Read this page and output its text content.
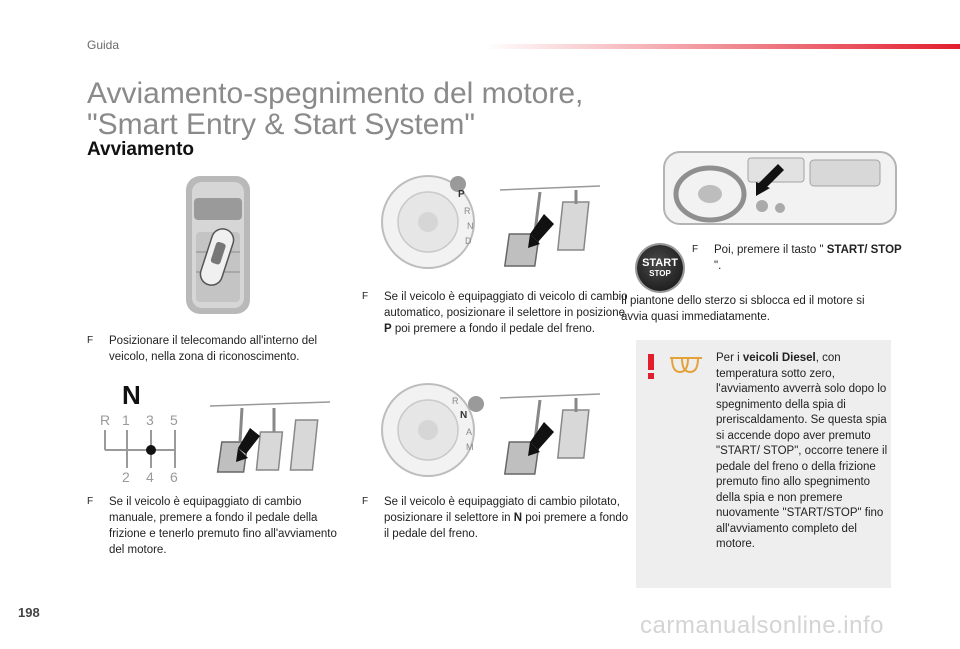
Guida
Avviamento-spegnimento del motore,
"Smart Entry & Start System"
Avviamento
P
R
N
D
START
STOP
F Poi, premere il tasto " START/ STOP ".
Il piantone dello sterzo si sblocca ed il motore si avvia quasi immediatamente.
F Se il veicolo è equipaggiato di veicolo di cambio automatico, posizionare il selettore in posizione P poi premere a fondo il pedale del freno.
F Posizionare il telecomando all'interno del veicolo, nella zona di riconoscimento.	Per i veicoli Diesel, con temperatura sotto zero, l'avviamento avverrà solo dopo lo spegnimento della spia di preriscaldamento. Se questa spia si accende dopo aver premuto "START/ STOP", occorre tenere il pedale del freno o della frizione premuto fino allo spegnimento della spia e non premere nuovamente "START/STOP" fino all'avviamento completo del motore.
N
R 1 3 5
2 4 6
R
N
A
M
F Se il veicolo è equipaggiato di cambio manuale, premere a fondo il pedale della frizione e tenerlo premuto fino all'avviamento del motore.
F Se il veicolo è equipaggiato di cambio pilotato, posizionare il selettore in N poi premere a fondo il pedale del freno.
198	carmanualsonline.info
